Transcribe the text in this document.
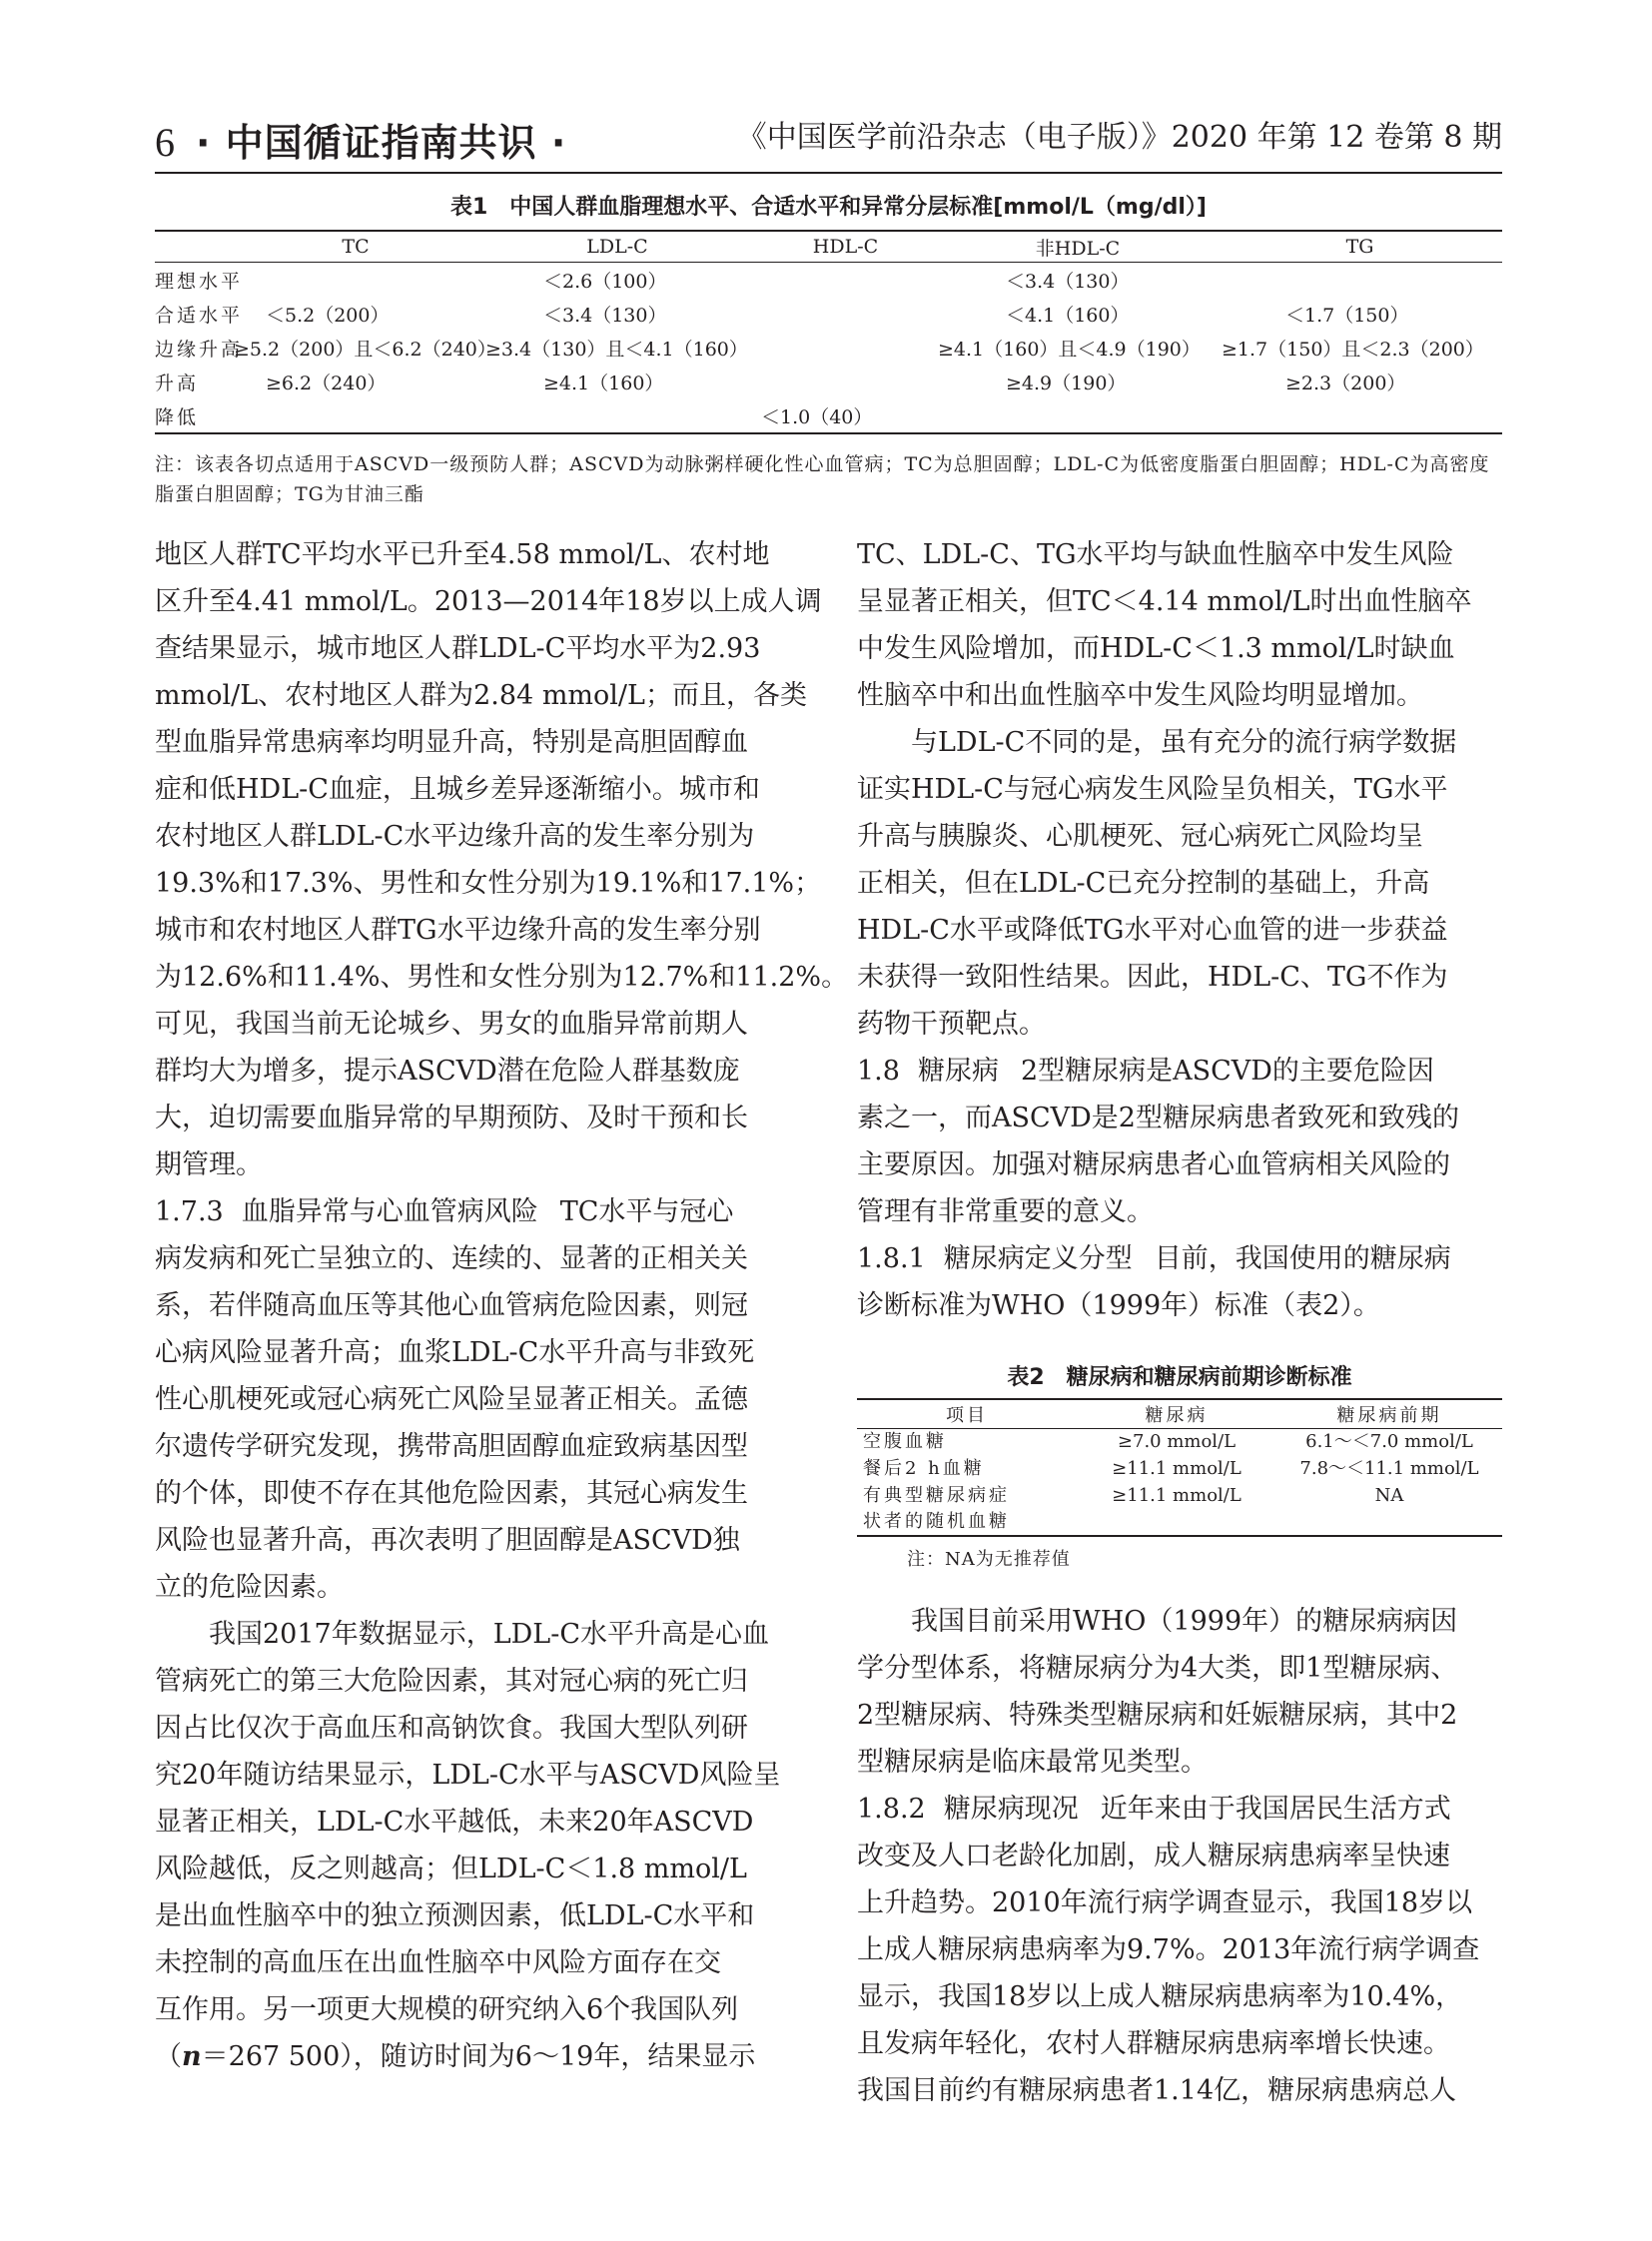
6 · 中国循证指南共识 ·	《中国医学前沿杂志（电子版）》2020 年第 12 卷第 8 期
表1　中国人群血脂理想水平、合适水平和异常分层标准[mmol/L（mg/dl）]
	TC	LDL-C	HDL-C	非HDL-C	TG
理想水平		＜2.6（100）		＜3.4（130）	
合适水平	＜5.2（200）	＜3.4（130）		＜4.1（160）	＜1.7（150）
边缘升高	≥5.2（200）且＜6.2（240）	≥3.4（130）且＜4.1（160）		≥4.1（160）且＜4.9（190）	≥1.7（150）且＜2.3（200）
升高	≥6.2（240）	≥4.1（160）		≥4.9（190）	≥2.3（200）
降低			＜1.0（40）		
注：该表各切点适用于ASCVD一级预防人群；ASCVD为动脉粥样硬化性心血管病；TC为总胆固醇；LDL-C为低密度脂蛋白胆固醇；HDL-C为高密度脂蛋白胆固醇；TG为甘油三酯

地区人群TC平均水平已升至4.58 mmol/L、农村地

区升至4.41 mmol/L。2013—2014年18岁以上成人调

查结果显示，城市地区人群LDL-C平均水平为2.93

mmol/L、农村地区人群为2.84 mmol/L；而且，各类

型血脂异常患病率均明显升高，特别是高胆固醇血

症和低HDL-C血症，且城乡差异逐渐缩小。城市和

农村地区人群LDL-C水平边缘升高的发生率分别为

19.3%和17.3%、男性和女性分别为19.1%和17.1%；

城市和农村地区人群TG水平边缘升高的发生率分别

为12.6%和11.4%、男性和女性分别为12.7%和11.2%。

可见，我国当前无论城乡、男女的血脂异常前期人

群均大为增多，提示ASCVD潜在危险人群基数庞

大，迫切需要血脂异常的早期预防、及时干预和长

期管理。

1.7.3 血脂异常与心血管病风险 TC水平与冠心

病发病和死亡呈独立的、连续的、显著的正相关关

系，若伴随高血压等其他心血管病危险因素，则冠

心病风险显著升高；血浆LDL-C水平升高与非致死

性心肌梗死或冠心病死亡风险呈显著正相关。孟德

尔遗传学研究发现，携带高胆固醇血症致病基因型

的个体，即使不存在其他危险因素，其冠心病发生

风险也显著升高，再次表明了胆固醇是ASCVD独

立的危险因素。

我国2017年数据显示，LDL-C水平升高是心血

管病死亡的第三大危险因素，其对冠心病的死亡归

因占比仅次于高血压和高钠饮食。我国大型队列研

究20年随访结果显示，LDL-C水平与ASCVD风险呈

显著正相关，LDL-C水平越低，未来20年ASCVD

风险越低，反之则越高；但LDL-C＜1.8 mmol/L

是出血性脑卒中的独立预测因素，低LDL-C水平和

未控制的高血压在出血性脑卒中风险方面存在交

互作用。另一项更大规模的研究纳入6个我国队列

（n＝267 500），随访时间为6～19年，结果显示

TC、LDL-C、TG水平均与缺血性脑卒中发生风险

呈显著正相关，但TC＜4.14 mmol/L时出血性脑卒

中发生风险增加，而HDL-C＜1.3 mmol/L时缺血

性脑卒中和出血性脑卒中发生风险均明显增加。

与LDL-C不同的是，虽有充分的流行病学数据

证实HDL-C与冠心病发生风险呈负相关，TG水平

升高与胰腺炎、心肌梗死、冠心病死亡风险均呈

正相关，但在LDL-C已充分控制的基础上，升高

HDL-C水平或降低TG水平对心血管的进一步获益

未获得一致阳性结果。因此，HDL-C、TG不作为

药物干预靶点。

1.8 糖尿病 2型糖尿病是ASCVD的主要危险因

素之一，而ASCVD是2型糖尿病患者致死和致残的

主要原因。加强对糖尿病患者心血管病相关风险的

管理有非常重要的意义。

1.8.1 糖尿病定义分型 目前，我国使用的糖尿病

诊断标准为WHO（1999年）标准（表2）。

表2　糖尿病和糖尿病前期诊断标准
项目	糖尿病	糖尿病前期
空腹血糖	≥7.0 mmol/L	6.1～＜7.0 mmol/L
餐后2 h血糖	≥11.1 mmol/L	7.8～＜11.1 mmol/L
有典型糖尿病症
状者的随机血糖	≥11.1 mmol/L	NA
注：NA为无推荐值

我国目前采用WHO（1999年）的糖尿病病因

学分型体系，将糖尿病分为4大类，即1型糖尿病、

2型糖尿病、特殊类型糖尿病和妊娠糖尿病，其中2

型糖尿病是临床最常见类型。

1.8.2 糖尿病现况 近年来由于我国居民生活方式

改变及人口老龄化加剧，成人糖尿病患病率呈快速

上升趋势。2010年流行病学调查显示，我国18岁以

上成人糖尿病患病率为9.7%。2013年流行病学调查

显示，我国18岁以上成人糖尿病患病率为10.4%，

且发病年轻化，农村人群糖尿病患病率增长快速。

我国目前约有糖尿病患者1.14亿，糖尿病患病总人
